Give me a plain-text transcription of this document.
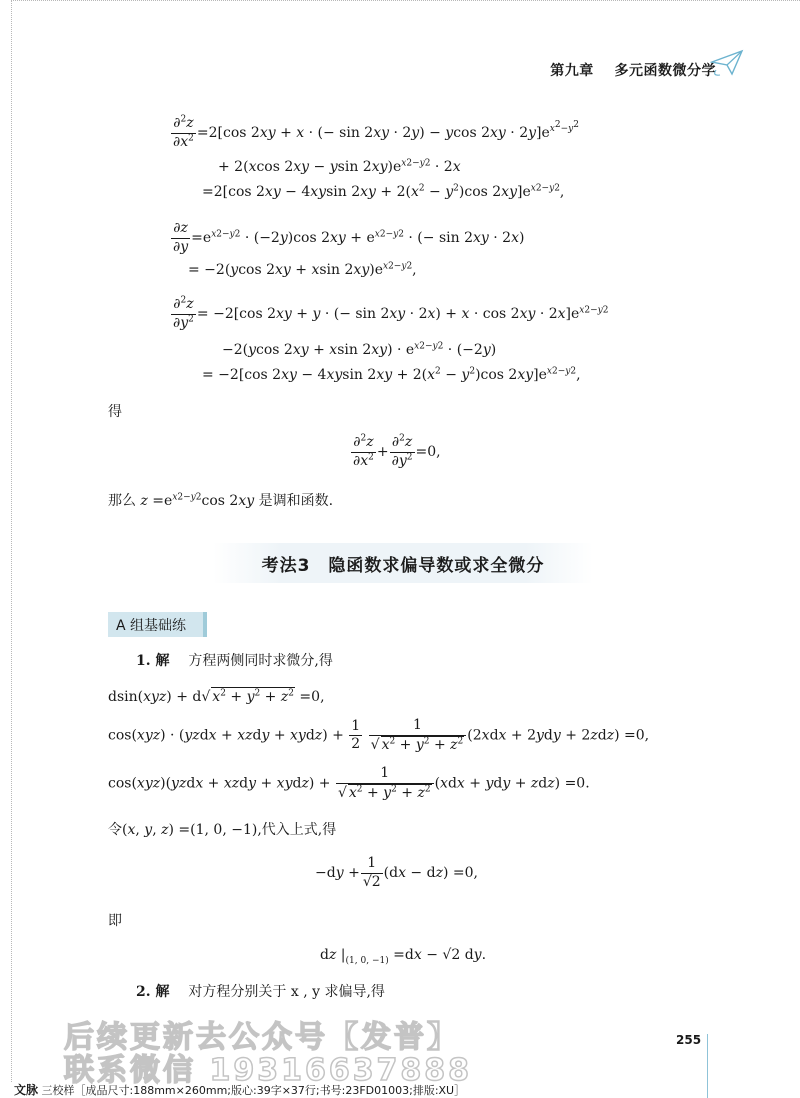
第九章 多元函数微分学
$\frac{\partial^2z}{\partial x^2} =2[\cos$ 2xy + x · (− sin 2xy · 2y) − ycos $2xy \cdot 2y]e^{x^2-y^2}$
+ 2(xcos 2xy − ysin $2xy)e^{x2-y2} \cdot 2x$
=2[cos 2xy − 4xysin $2xy + 2(x^2 - y^2)\cos$ $2xy]e^{x2-y2}$,
$\frac{\partial z}{\partial y} =e^{x2-y2} \cdot (-2y)\cos$ $2xy + e^{x2-y2}$ · (− sin 2xy · 2x)
= −2(ycos 2xy + xsin $2xy)e^{x2-y2}$,
$\frac{\partial^2z}{\partial y^2} = -2[\cos$ 2xy + y · (− $\sin 2xy \cdot 2x) + x \cdot \cos 2xy \cdot 2x]e^{x2-y2}$
−2(ycos 2xy + xsin $2xy) \cdot e^{x2-y2} \cdot (-2y)$
= −2[cos 2xy − 4xysin $2xy + 2(x^2 - y^2)\cos$ $2xy]e^{x2-y2}$,
得
$\frac{\partial^2z}{\partial x^2} + \frac{\partial^2z}{\partial y^2} =0$,
那么 $z =e^{x2-y2}\cos$ 2xy 是调和函数.
考法3　隐函数求偏导数或求全微分
A 组基础练
1. 解 方程两侧同时求微分,得
dsin(xyz) + d√ $x^2 + y^2 + z^2 =0$,
cos(xyz) · (yzdx + xzdy + xydz) + $\frac{1}{2}$
$\frac{1}{√ x^2 + y^2 + z^2} (2xdx + 2ydy + 2zdz) =0$,
cos(xyz)(yzdx + xzdy + xydz) + $\frac{1}{√ x^2 + y^2 + z^2} (xdx$ + ydy + zdz) =0.
令(x, y, z) =(1, 0, −1),代入上式,得
$-dy + \frac{1}{√2} (dx - dz) =0$,
即
dz $|_{(1, 0, -1)} =dx - √2$ dy.
2. 解 对方程分别关于 x , y 求偏导,得
后续更新去公众号【发普】
联系微信 19316637888
255
文脉 三校样［成品尺寸:188mm×260mm;版心:39字×37行;书号:23FD01003;排版:XU］
